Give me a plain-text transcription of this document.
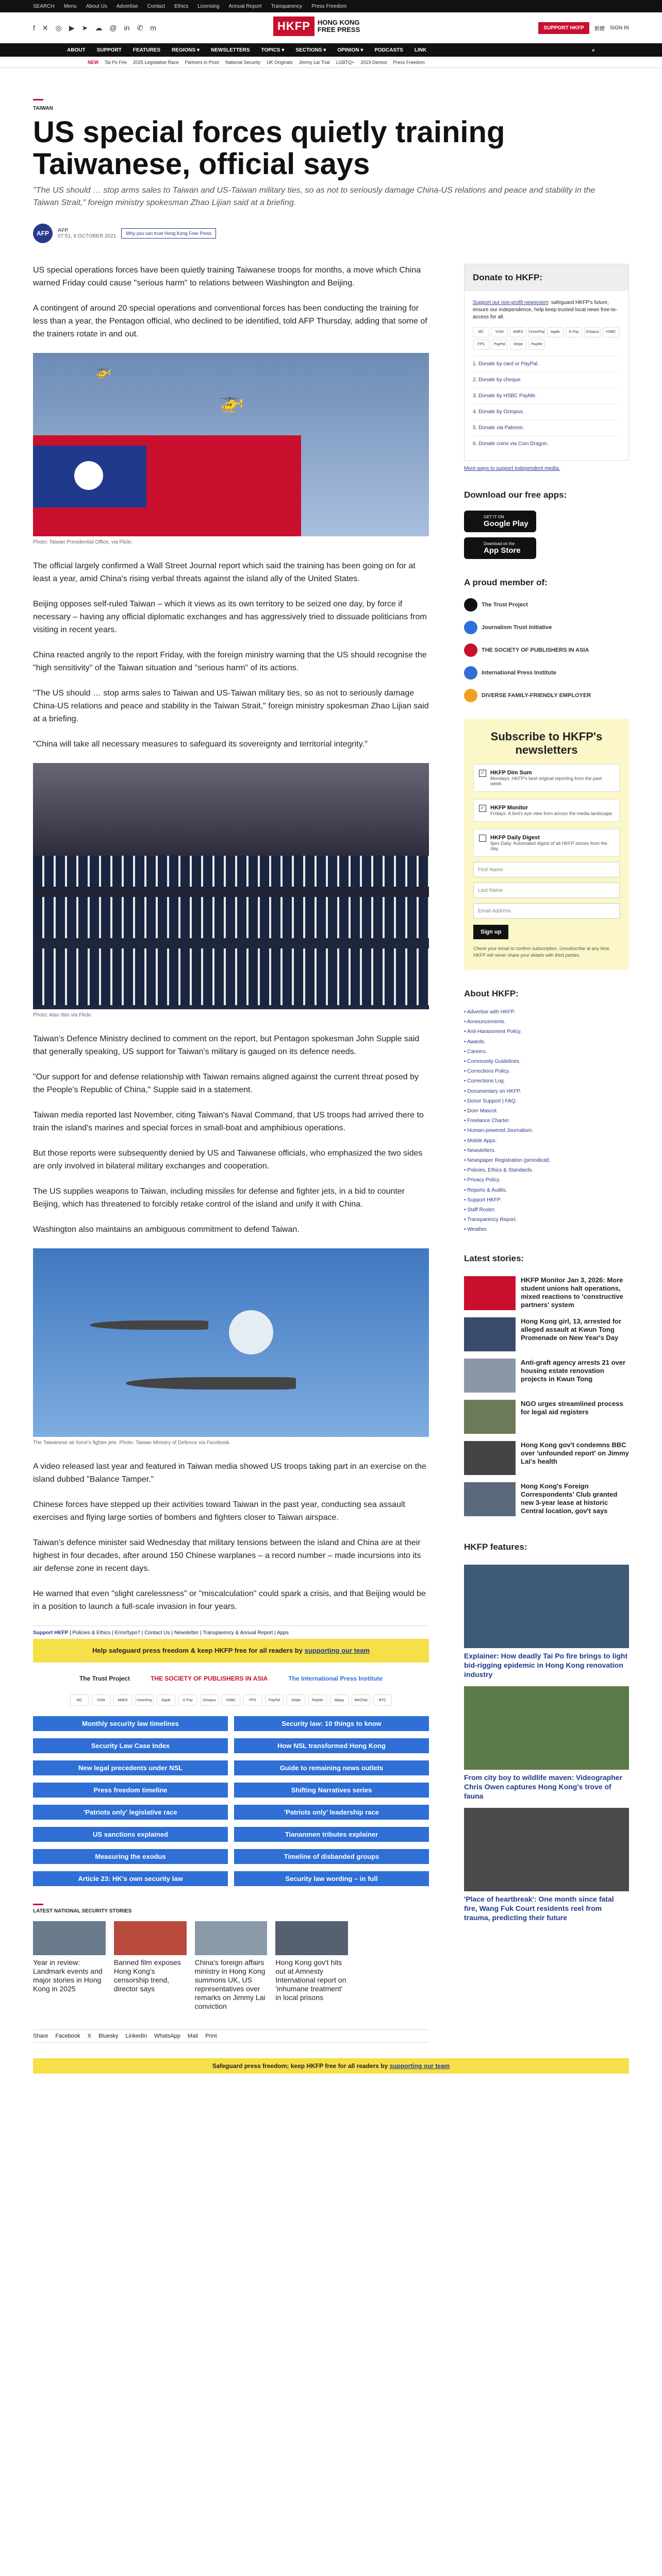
SEARCH Menu About Us Advertise Contact Ethics Licensing Annual Report Transparency Press Freedom
f ✕ ◎ ▶ ➤ ☁ @ in ✆ m	HKFP	HONG KONG
FREE PRESS	SUPPORT HKFP	繁體 SIGN IN
ABOUT SUPPORT FEATURES REGIONS ▾ NEWSLETTERS TOPICS ▾ SECTIONS ▾ OPINION ▾ PODCASTS LINK	⌕
NEW Tai Po Fire 2025 Legislative Race Partners in Prize National Security UK Originals Jimmy Lai Trial LGBTQ+ 2019 Demos Press Freedom
TAIWAN
US special forces quietly training Taiwanese, official says
"The US should … stop arms sales to Taiwan and US-Taiwan military ties, so as not to seriously damage China-US relations and peace and stability in the Taiwan Strait," foreign ministry spokesman Zhao Lijian said at a briefing.
AFP	AFP
07:51, 8 OCTOBER 2021	Why you can trust Hong Kong Free Press

US special operations forces have been quietly training Taiwanese troops for months, a move which China warned Friday could cause "serious harm" to relations between Washington and Beijing.

A contingent of around 20 special operations and conventional forces has been conducting the training for less than a year, the Pentagon official, who declined to be identified, told AFP Thursday, adding that some of the trainers rotate in and out.

🚁
🚁
Photo: Taiwan Presidential Office, via Flickr.

The official largely confirmed a Wall Street Journal report which said the training has been going on for at least a year, amid China's rising verbal threats against the island ally of the United States.

Beijing opposes self-ruled Taiwan – which it views as its own territory to be seized one day, by force if necessary – having any official diplomatic exchanges and has aggressively tried to dissuade politicians from visiting in recent years.

China reacted angrily to the report Friday, with the foreign ministry warning that the US should recognise the "high sensitivity" of the Taiwan situation and "serious harm" of its actions.

"The US should … stop arms sales to Taiwan and US-Taiwan military ties, so as not to seriously damage China-US relations and peace and stability in the Taiwan Strait," foreign ministry spokesman Zhao Lijian said at a briefing.

"China will take all necessary measures to safeguard its sovereignty and territorial integrity."

Photo: Alan Wei via Flickr.

Taiwan's Defence Ministry declined to comment on the report, but Pentagon spokesman John Supple said that generally speaking, US support for Taiwan's military is gauged on its defence needs.

"Our support for and defense relationship with Taiwan remains aligned against the current threat posed by the People's Republic of China," Supple said in a statement.

Taiwan media reported last November, citing Taiwan's Naval Command, that US troops had arrived there to train the island's marines and special forces in small-boat and amphibious operations.

But those reports were subsequently denied by US and Taiwanese officials, who emphasized the two sides are only involved in bilateral military exchanges and cooperation.

The US supplies weapons to Taiwan, including missiles for defense and fighter jets, in a bid to counter Beijing, which has threatened to forcibly retake control of the island and unify it with China.

Washington also maintains an ambiguous commitment to defend Taiwan.

The Taiwanese air force's fighter jets. Photo: Taiwan Ministry of Defence via Facebook.

A video released last year and featured in Taiwan media showed US troops taking part in an exercise on the island dubbed "Balance Tamper."

Chinese forces have stepped up their activities toward Taiwan in the past year, conducting sea assault exercises and flying large sorties of bombers and fighters closer to Taiwan airspace.

Taiwan's defence minister said Wednesday that military tensions between the island and China are at their highest in four decades, after around 150 Chinese warplanes – a record number – made incursions into its air defense zone in recent days.

He warned that even "slight carelessness" or "miscalculation" could spark a crisis, and that Beijing would be in a position to launch a full-scale invasion in four years.

Support HKFP | Policies & Ethics | Error/typo? | Contact Us | Newsletter | Transparency & Annual Report | Apps
Help safeguard press freedom & keep HKFP free for all readers by supporting our team
The Trust Project	THE SOCIETY OF PUBLISHERS IN ASIA	The International Press Institute
MC	VISA	AMEX	UnionPay	Apple	G Pay	Octopus	HSBC	FPS	PayPal	Stripe	PayMe	Alipay	WeChat	BTC
Monthly security law timelines	Security law: 10 things to know
Security Law Case Index	How NSL transformed Hong Kong
New legal precedents under NSL	Guide to remaining news outlets
Press freedom timeline	Shifting Narratives series
'Patriots only' legislative race	'Patriots only' leadership race
US sanctions explained	Tiananmen tributes explainer
Measuring the exodus	Timeline of disbanded groups
Article 23: HK's own security law	Security law wording – in full
LATEST NATIONAL SECURITY STORIES
Year in review: Landmark events and major stories in Hong Kong in 2025
Banned film exposes Hong Kong's censorship trend, director says
China's foreign affairs ministry in Hong Kong summons UK, US representatives over remarks on Jimmy Lai conviction
Hong Kong gov't hits out at Amnesty International report on 'inhumane treatment' in local prisons
Share Facebook X Bluesky LinkedIn WhatsApp Mail Print
Donate to HKFP:
Support our non-profit newsroom: safeguard HKFP's future, ensure our independence, help keep trusted local news free-to-access for all.
MC	VISA	AMEX	UnionPay	Apple	G Pay	Octopus	HSBC
FPS	PayPal	Stripe	PayMe
1. Donate by card or PayPal.
2. Donate by cheque.
3. Donate by HSBC PayMe.
4. Donate by Octopus.
5. Donate via Patreon.
6. Donate coins via Coin Dragon.
More ways to support independent media.
Download our free apps:
GET IT ON
Google Play
Download on the
App Store
A proud member of:
The Trust Project
Journalism Trust Initiative
THE SOCIETY OF PUBLISHERS IN ASIA
International Press Institute
DIVERSE FAMILY-FRIENDLY EMPLOYER
Subscribe to HKFP's newsletters
✓ HKFP Dim Sum
Mondays: HKFP's best original reporting from the past week.
✓ HKFP Monitor
Fridays: A bird's eye view from across the media landscape.
HKFP Daily Digest
9pm Daily: Automated digest of all HKFP stories from the day.
First Name
Last Name
Email Address
Sign up
Check your email to confirm subscription. Unsubscribe at any time. HKFP will never share your details with third parties.
About HKFP:
• Advertise with HKFP.
• Announcements.
• Anti-Harassment Policy.
• Awards.
• Careers.
• Community Guidelines.
• Corrections Policy.
• Corrections Log.
• Documentary on HKFP.
• Donor Support | FAQ.
• Doer Mascot.
• Freelance Charter.
• Human-powered Journalism.
• Mobile Apps.
• Newsletters.
• Newspaper Registration (periodical).
• Policies, Ethics & Standards.
• Privacy Policy.
• Reports & Audits.
• Support HKFP.
• Staff Roster.
• Transparency Report.
• Weather.
Latest stories:
HKFP Monitor Jan 3, 2026: More student unions halt operations, mixed reactions to 'constructive partners' system
Hong Kong girl, 13, arrested for alleged assault at Kwun Tong Promenade on New Year's Day
Anti-graft agency arrests 21 over housing estate renovation projects in Kwun Tong
NGO urges streamlined process for legal aid registers
Hong Kong gov't condemns BBC over 'unfounded report' on Jimmy Lai's health
Hong Kong's Foreign Correspondents' Club granted new 3-year lease at historic Central location, gov't says
HKFP features:
Explainer: How deadly Tai Po fire brings to light bid-rigging epidemic in Hong Kong renovation industry
From city boy to wildlife maven: Videographer Chris Owen captures Hong Kong's trove of fauna
'Place of heartbreak': One month since fatal fire, Wang Fuk Court residents reel from trauma, predicting their future
Safeguard press freedom; keep HKFP free for all readers by supporting our team
